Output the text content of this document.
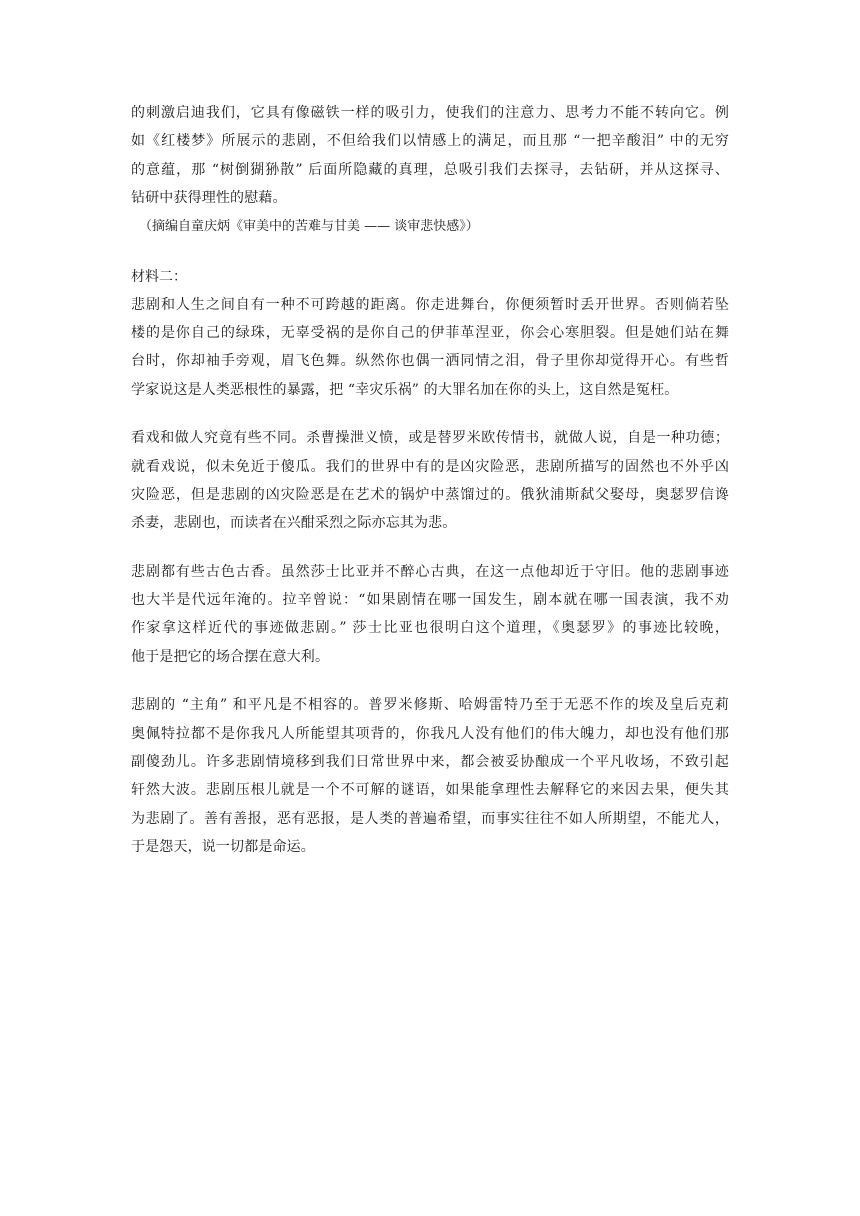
的刺激启迪我们，它具有像磁铁一样的吸引力，使我们的注意力、思考力不能不转向它。例
如《红楼梦》所展示的悲剧，不但给我们以情感上的满足，而且那 “一把辛酸泪” 中的无穷
的意蕴，那 “树倒猢狲散” 后面所隐藏的真理，总吸引我们去探寻，去钻研，并从这探寻、
钻研中获得理性的慰藉。
（摘编自童庆炳《审美中的苦难与甘美 —— 谈审悲快感》）
材料二：
悲剧和人生之间自有一种不可跨越的距离。你走进舞台，你便须暂时丢开世界。否则倘若坠
楼的是你自己的绿珠，无辜受祸的是你自己的伊菲革涅亚，你会心寒胆裂。但是她们站在舞
台时，你却袖手旁观，眉飞色舞。纵然你也偶一洒同情之泪，骨子里你却觉得开心。有些哲
学家说这是人类恶根性的暴露，把 “幸灾乐祸” 的大罪名加在你的头上，这自然是冤枉。
看戏和做人究竟有些不同。杀曹操泄义愤，或是替罗米欧传情书，就做人说，自是一种功德；
就看戏说，似未免近于傻瓜。我们的世界中有的是凶灾险恶，悲剧所描写的固然也不外乎凶
灾险恶，但是悲剧的凶灾险恶是在艺术的锅炉中蒸馏过的。俄狄浦斯弑父娶母，奥瑟罗信谗
杀妻，悲剧也，而读者在兴酣采烈之际亦忘其为悲。
悲剧都有些古色古香。虽然莎士比亚并不醉心古典，在这一点他却近于守旧。他的悲剧事迹
也大半是代远年淹的。拉辛曾说：“如果剧情在哪一国发生，剧本就在哪一国表演，我不劝
作家拿这样近代的事迹做悲剧。” 莎士比亚也很明白这个道理，《奥瑟罗》的事迹比较晚，
他于是把它的场合摆在意大利。
悲剧的 “主角” 和平凡是不相容的。普罗米修斯、哈姆雷特乃至于无恶不作的埃及皇后克莉
奥佩特拉都不是你我凡人所能望其项背的，你我凡人没有他们的伟大魄力，却也没有他们那
副傻劲儿。许多悲剧情境移到我们日常世界中来，都会被妥协酿成一个平凡收场，不致引起
轩然大波。悲剧压根儿就是一个不可解的谜语，如果能拿理性去解释它的来因去果，便失其
为悲剧了。善有善报，恶有恶报，是人类的普遍希望，而事实往往不如人所期望，不能尤人，
于是怨天，说一切都是命运。
